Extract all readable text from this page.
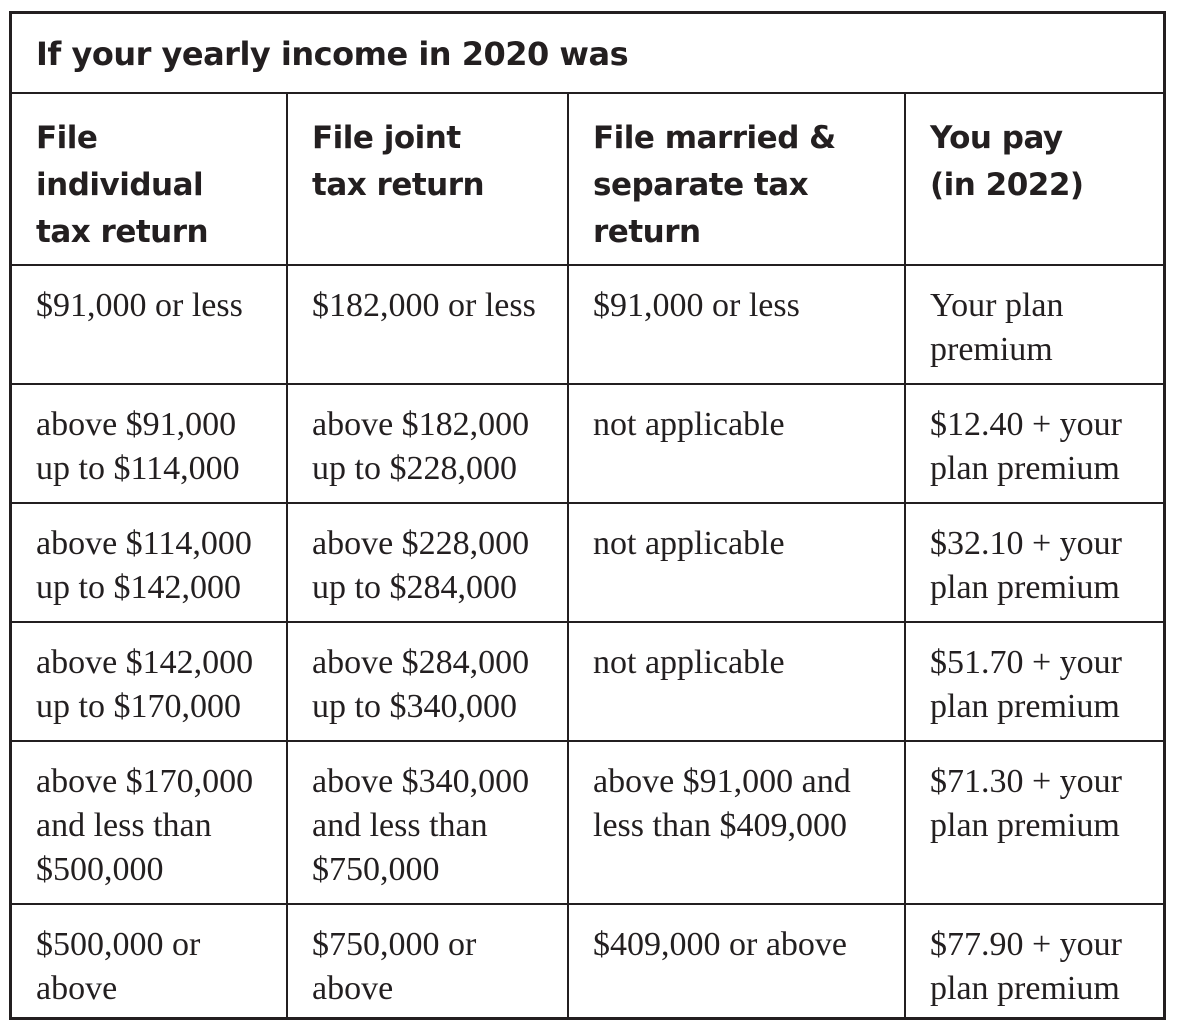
If your yearly income in 2020 was			

File
individual
tax return	File joint
tax return	File married &
separate tax
return	You pay
(in 2022)

$91,000 or less	$182,000 or less	$91,000 or less	Your plan
premium

above $91,000
up to $114,000	above $182,000
up to $228,000	not applicable	$12.40 + your
plan premium

above $114,000
up to $142,000	above $228,000
up to $284,000	not applicable	$32.10 + your
plan premium

above $142,000
up to $170,000	above $284,000
up to $340,000	not applicable	$51.70 + your
plan premium

above $170,000
and less than
$500,000	above $340,000
and less than
$750,000	above $91,000 and
less than $409,000	$71.30 + your
plan premium

$500,000 or
above	$750,000 or
above	$409,000 or above	$77.90 + your
plan premium
